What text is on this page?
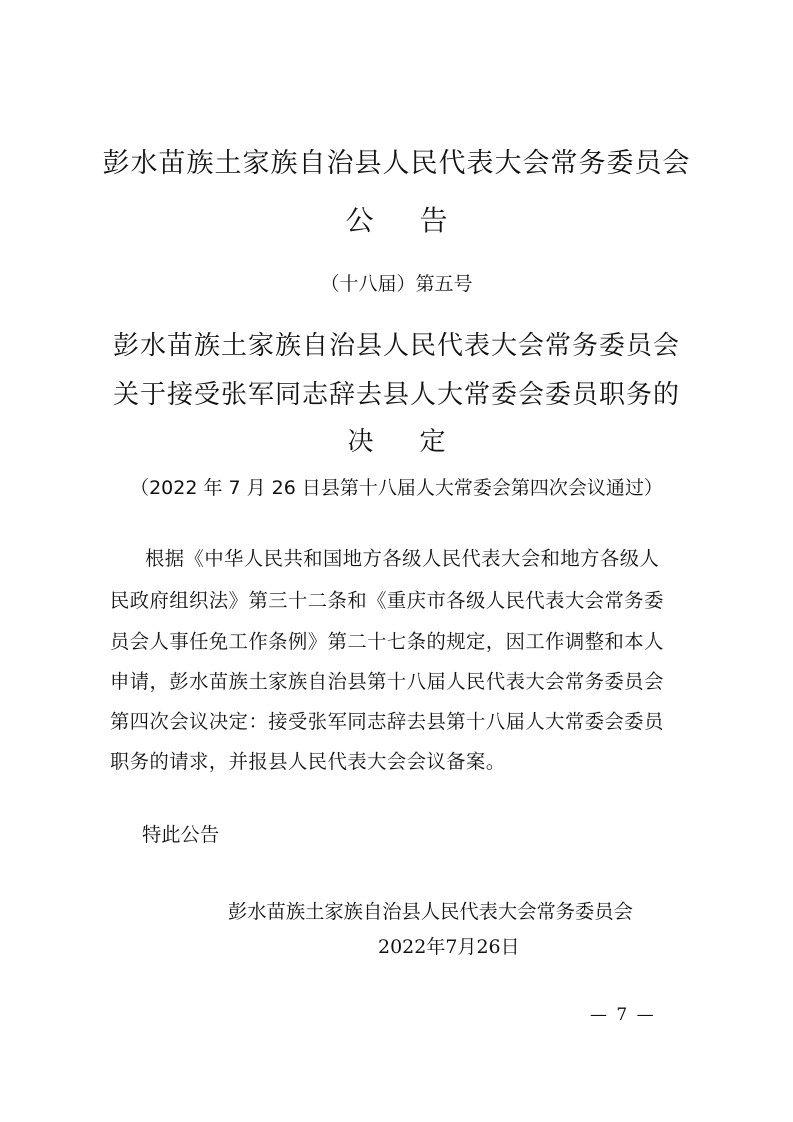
彭水苗族土家族自治县人民代表大会常务委员会
公告
（十八届）第五号
彭水苗族土家族自治县人民代表大会常务委员会
关于接受张军同志辞去县人大常委会委员职务的
决定
（2022 年 7 月 26 日县第十八届人大常委会第四次会议通过）
根据《中华人民共和国地方各级人民代表大会和地方各级人
民政府组织法》第三十二条和《重庆市各级人民代表大会常务委
员会人事任免工作条例》第二十七条的规定，因工作调整和本人
申请，彭水苗族土家族自治县第十八届人民代表大会常务委员会
第四次会议决定：接受张军同志辞去县第十八届人大常委会委员
职务的请求，并报县人民代表大会会议备案。
特此公告
彭水苗族土家族自治县人民代表大会常务委员会
2022年7月26日
— 7 —
